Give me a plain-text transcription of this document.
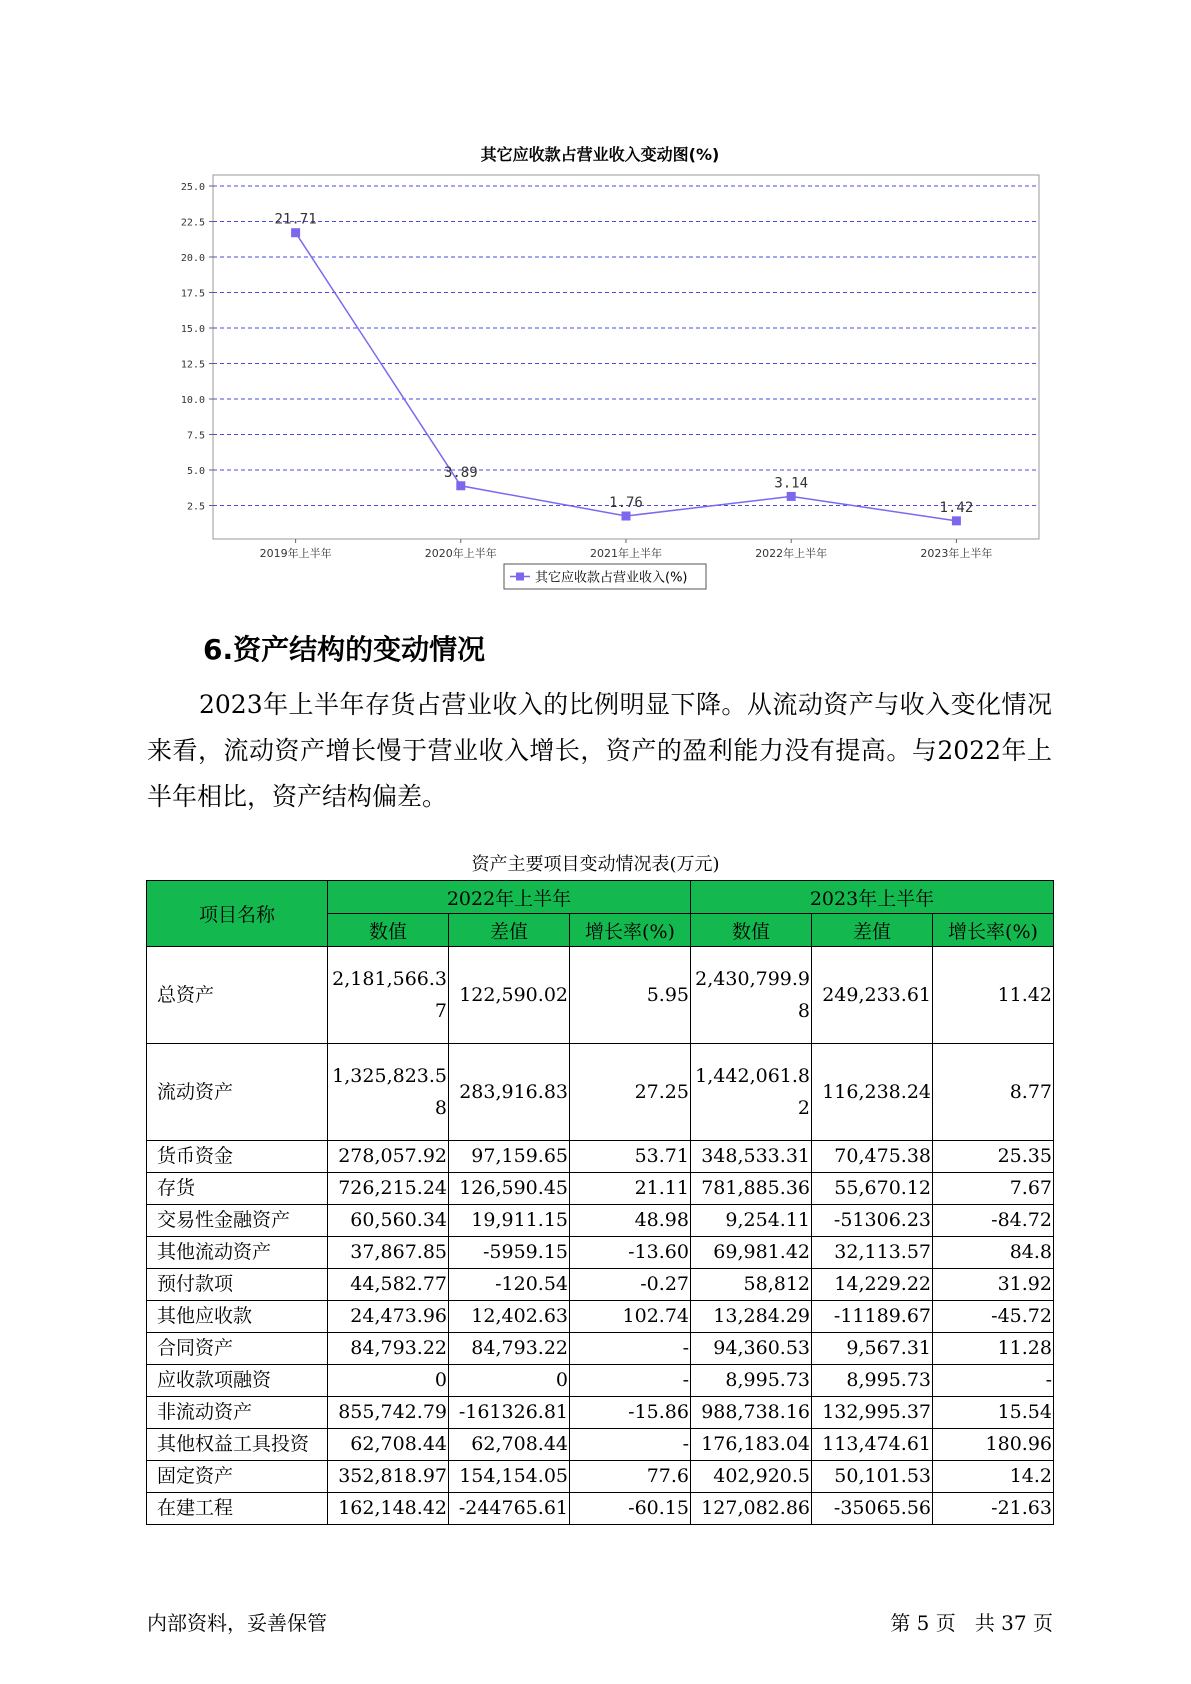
其它应收款占营业收入变动图(%)
25.0
22.5
20.0
17.5
15.0
12.5
10.0
7.5
5.0
2.5
2019年上半年	2020年上半年	2021年上半年	2022年上半年	2023年上半年
21.71
3.89
1.76
3.14
1.42
其它应收款占营业收入(%)
6.资产结构的变动情况

2023年上半年存货占营业收入的比例明显下降。从流动资产与收入变化情况来看，流动资产增长慢于营业收入增长，资产的盈利能力没有提高。与2022年上半年相比，资产结构偏差。

资产主要项目变动情况表(万元)
项目名称	2022年上半年			2023年上半年		
	数值	差值	增长率(%)	数值	差值	增长率(%)
总资产	2,181,566.37	122,590.02	5.95	2,430,799.98	249,233.61	11.42
流动资产	1,325,823.58	283,916.83	27.25	1,442,061.82	116,238.24	8.77
货币资金	278,057.92	97,159.65	53.71	348,533.31	70,475.38	25.35
存货	726,215.24	126,590.45	21.11	781,885.36	55,670.12	7.67
交易性金融资产	60,560.34	19,911.15	48.98	9,254.11	-51306.23	-84.72
其他流动资产	37,867.85	-5959.15	-13.60	69,981.42	32,113.57	84.8
预付款项	44,582.77	-120.54	-0.27	58,812	14,229.22	31.92
其他应收款	24,473.96	12,402.63	102.74	13,284.29	-11189.67	-45.72
合同资产	84,793.22	84,793.22	-	94,360.53	9,567.31	11.28
应收款项融资	0	0	-	8,995.73	8,995.73	-
非流动资产	855,742.79	-161326.81	-15.86	988,738.16	132,995.37	15.54
其他权益工具投资	62,708.44	62,708.44	-	176,183.04	113,474.61	180.96
固定资产	352,818.97	154,154.05	77.6	402,920.5	50,101.53	14.2
在建工程	162,148.42	-244765.61	-60.15	127,082.86	-35065.56	-21.63
内部资料，妥善保管	第 5 页   共 37 页
